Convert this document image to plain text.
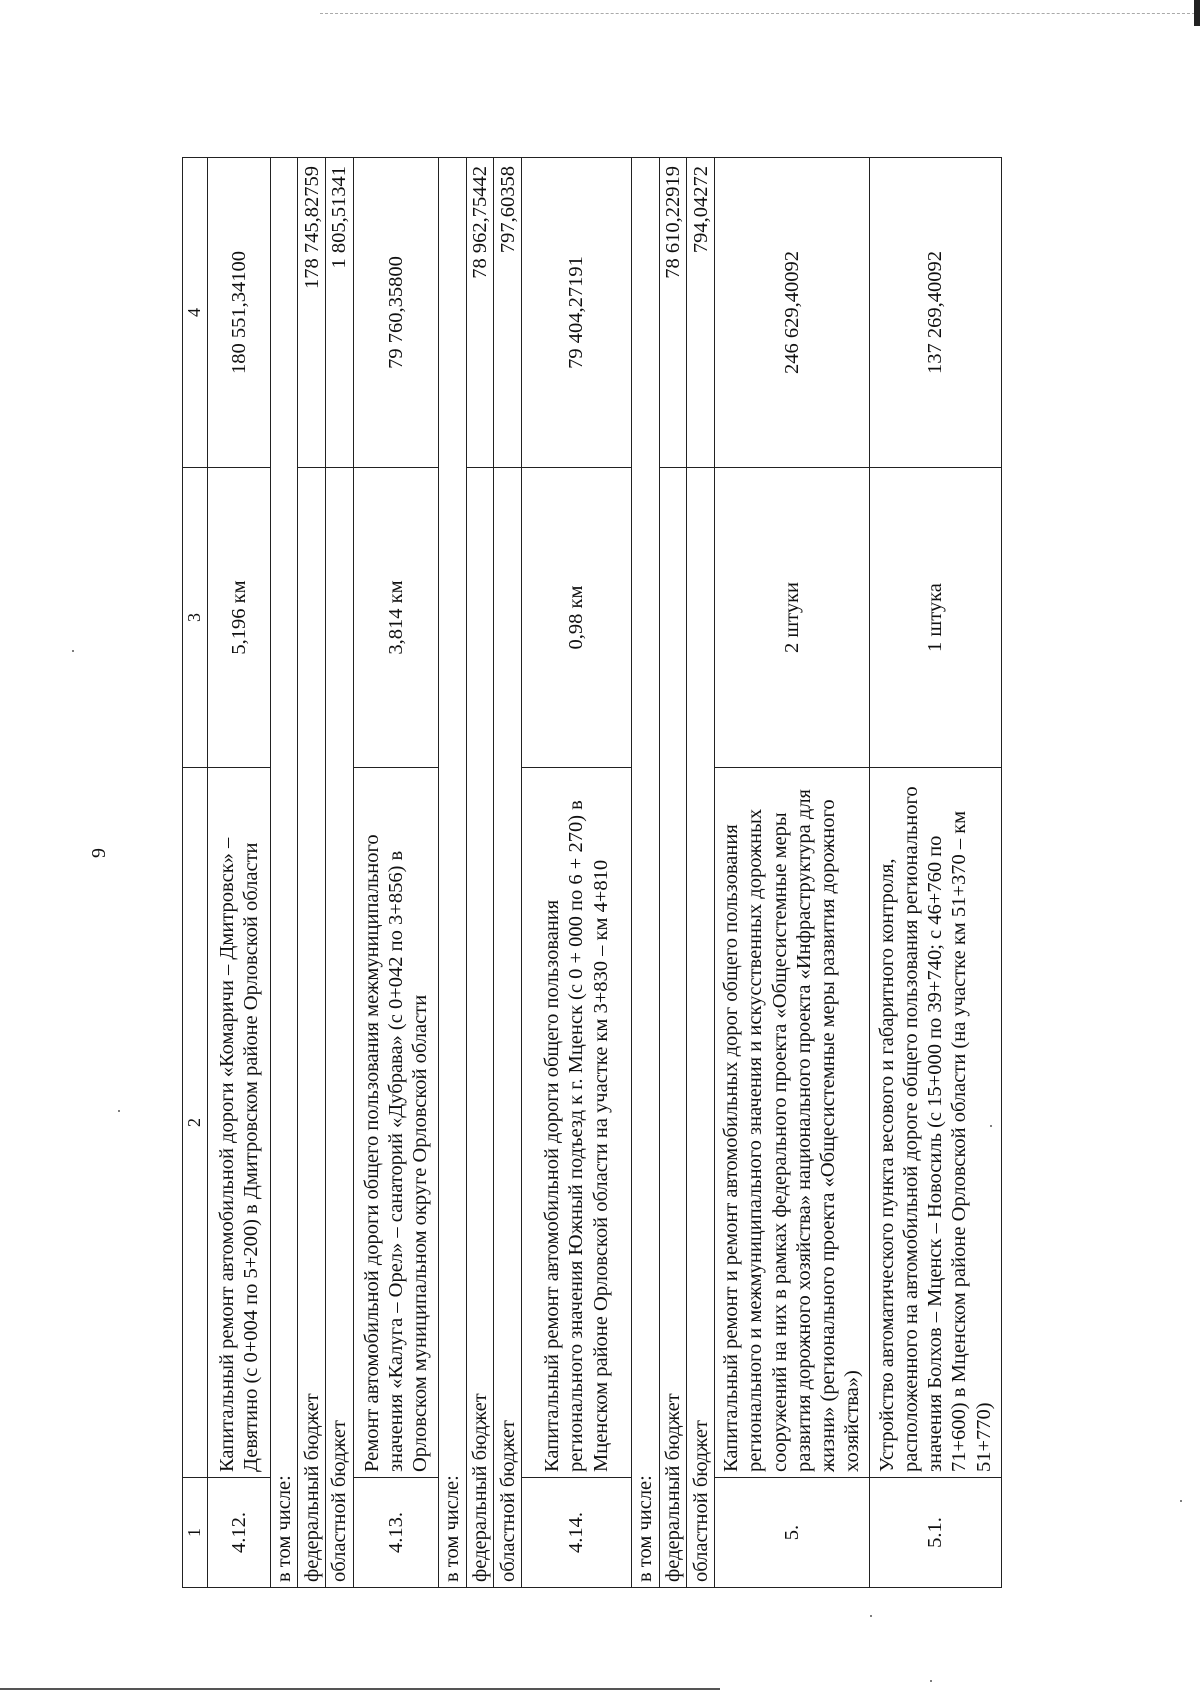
9
1	2	3	4
4.12.	Капитальный ремонт автомобильной дороги «Комаричи – Дмитровск» – Девятино (с 0+004 по 5+200) в Дмитровском районе Орловской области	5,196 км	180 551,34100
в том числе:			
федеральный бюджет			178 745,82759
областной бюджет			1 805,51341
4.13.	Ремонт автомобильной дороги общего пользования межмуниципального значения «Калуга – Орел» – санаторий «Дубрава» (с 0+042 по 3+856) в Орловском муниципальном округе Орловской области	3,814 км	79 760,35800
в том числе:			
федеральный бюджет			78 962,75442
областной бюджет			797,60358
4.14.	Капитальный ремонт автомобильной дороги общего пользования регионального значения Южный подъезд к г. Мценск (с 0 + 000 по 6 + 270) в Мценском районе Орловской области на участке км 3+830 – км 4+810	0,98 км	79 404,27191
в том числе:			
федеральный бюджет			78 610,22919
областной бюджет			794,04272
5.	Капитальный ремонт и ремонт автомобильных дорог общего пользования регионального и межмуниципального значения и искусственных дорожных сооружений на них в рамках федерального проекта «Общесистемные меры развития дорожного хозяйства» национального проекта «Инфраструктура для жизни» (регионального проекта «Общесистемные меры развития дорожного хозяйства»)	2 штуки	246 629,40092
5.1.	Устройство автоматического пункта весового и габаритного контроля, расположенного на автомобильной дороге общего пользования регионального значения Болхов – Мценск – Новосиль (с 15+000 по 39+740; с 46+760 по 71+600) в Мценском районе Орловской области (на участке км 51+370 – км 51+770)	1 штука	137 269,40092
